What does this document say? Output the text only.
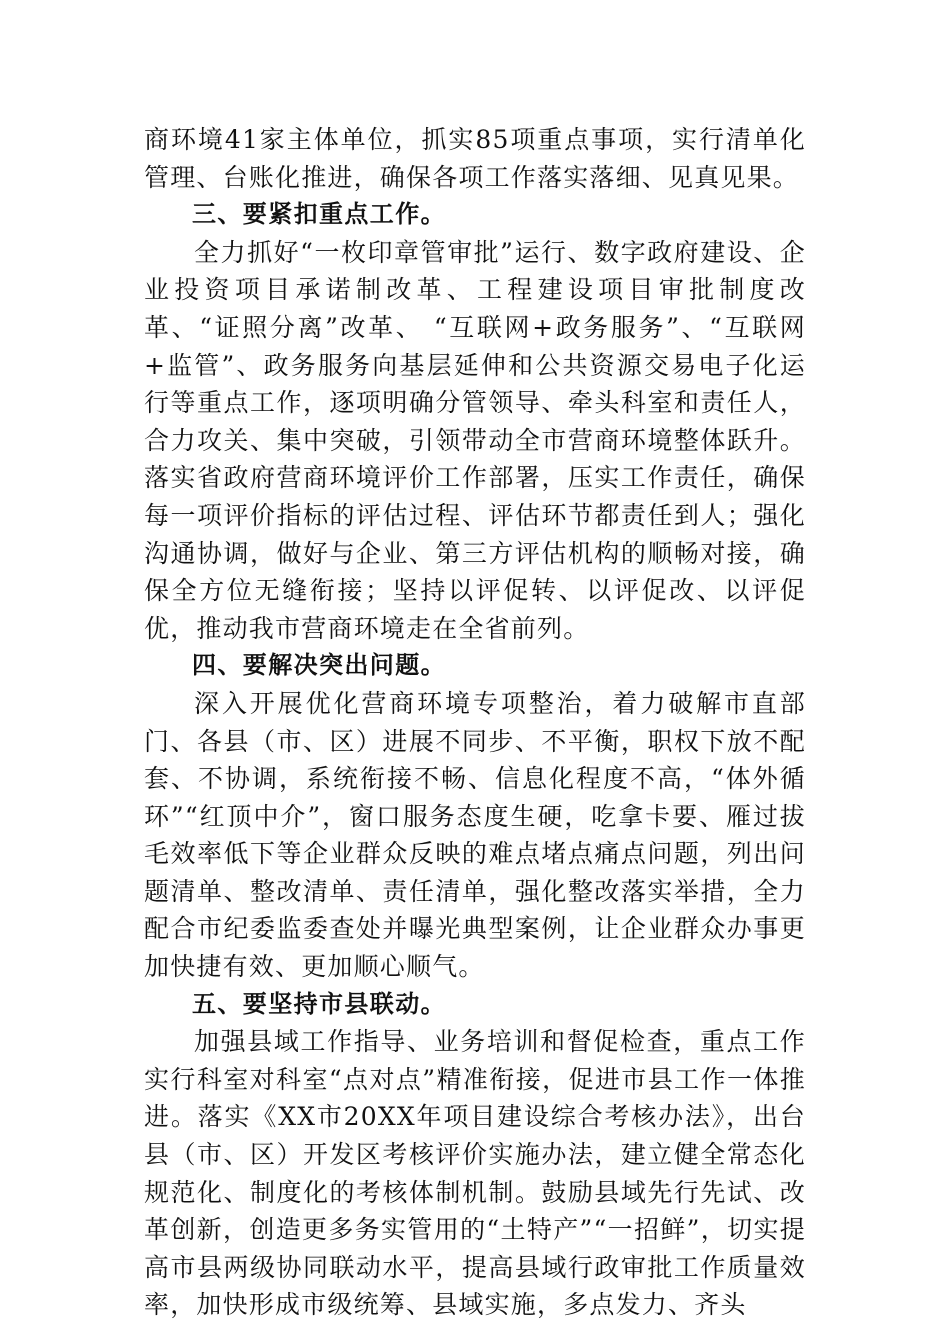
商环境41家主体单位，抓实85项重点事项，实行清单化管理、台账化推进，确保各项工作落实落细、见真见果。

三、要紧扣重点工作。

全力抓好“一枚印章管审批”运行、数字政府建设、企业投资项目承诺制改革、工程建设项目审批制度改革、“证照分离”改革、 “互联网+政务服务”、“互联网+监管”、政务服务向基层延伸和公共资源交易电子化运行等重点工作，逐项明确分管领导、牵头科室和责任人，合力攻关、集中突破，引领带动全市营商环境整体跃升。落实省政府营商环境评价工作部署，压实工作责任，确保每一项评价指标的评估过程、评估环节都责任到人；强化沟通协调，做好与企业、第三方评估机构的顺畅对接，确保全方位无缝衔接；坚持以评促转、以评促改、以评促优，推动我市营商环境走在全省前列。

四、要解决突出问题。

深入开展优化营商环境专项整治，着力破解市直部门、各县（市、区）进展不同步、不平衡，职权下放不配套、不协调，系统衔接不畅、信息化程度不高，“体外循环”“红顶中介”，窗口服务态度生硬，吃拿卡要、雁过拔毛效率低下等企业群众反映的难点堵点痛点问题，列出问题清单、整改清单、责任清单，强化整改落实举措，全力配合市纪委监委查处并曝光典型案例，让企业群众办事更加快捷有效、更加顺心顺气。

五、要坚持市县联动。

加强县域工作指导、业务培训和督促检查，重点工作实行科室对科室“点对点”精准衔接，促进市县工作一体推进。落实《XX市20XX年项目建设综合考核办法》，出台县（市、区）开发区考核评价实施办法，建立健全常态化规范化、制度化的考核体制机制。鼓励县域先行先试、改革创新，创造更多务实管用的“土特产”“一招鲜”，切实提高市县两级协同联动水平，提高县域行政审批工作质量效率，加快形成市级统筹、县域实施，多点发力、齐头
